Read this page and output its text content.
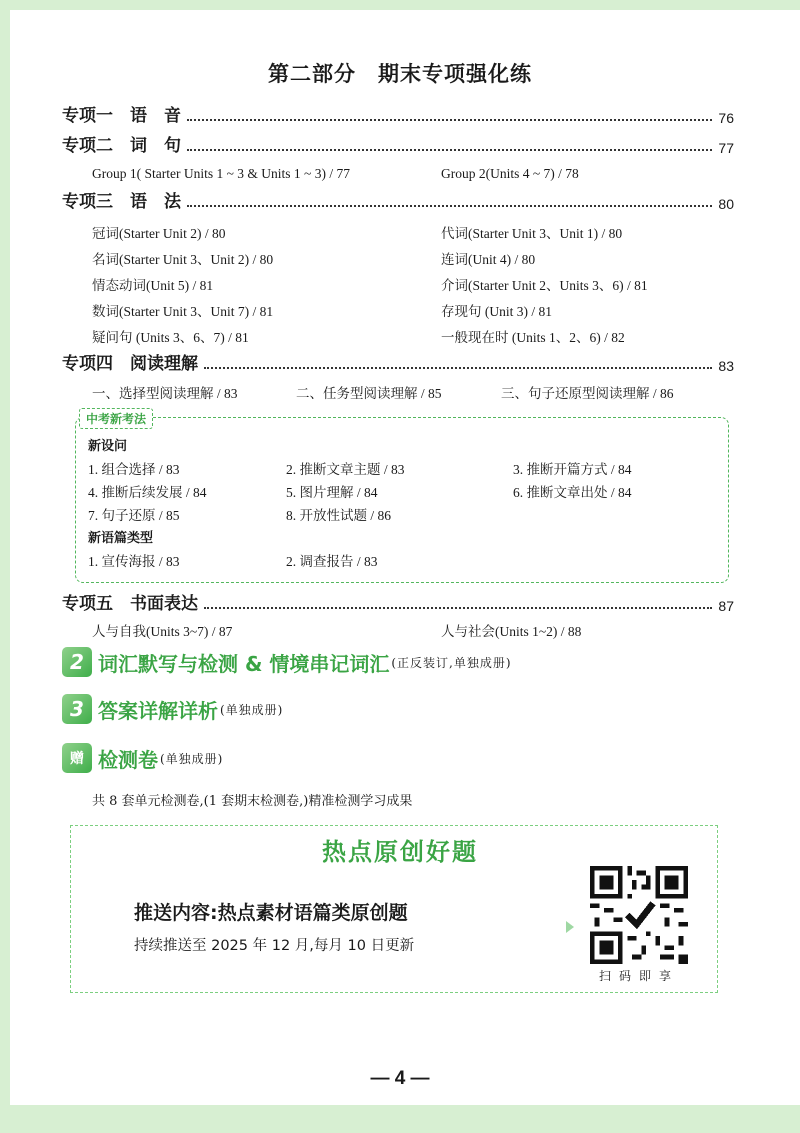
第二部分　期末专项强化练
专项一　语　音	76
专项二　词　句	77
Group 1( Starter Units 1 ~ 3 & Units 1 ~ 3) / 77	Group 2(Units 4 ~ 7) / 78
专项三　语　法	80
冠词(Starter Unit 2) / 80	代词(Starter Unit 3、Unit 1) / 80
名词(Starter Unit 3、Unit 2) / 80	连词(Unit 4) / 80
情态动词(Unit 5) / 81	介词(Starter Unit 2、Units 3、6) / 81
数词(Starter Unit 3、Unit 7) / 81	存现句 (Unit 3) / 81
疑问句 (Units 3、6、7) / 81	一般现在时 (Units 1、2、6) / 82
专项四　阅读理解	83
一、选择型阅读理解 / 83	二、任务型阅读理解 / 85	三、句子还原型阅读理解 / 86
中考新考法
新设问
1. 组合选择 / 83	2. 推断文章主题 / 83	3. 推断开篇方式 / 84
4. 推断后续发展 / 84	5. 图片理解 / 84	6. 推断文章出处 / 84
7. 句子还原 / 85	8. 开放性试题 / 86
新语篇类型
1. 宣传海报 / 83	2. 调查报告 / 83
专项五　书面表达	87
人与自我(Units 3~7) / 87	人与社会(Units 1~2) / 88
2 词汇默写与检测 & 情境串记词汇 (正反装订,单独成册)
3 答案详解详析 (单独成册)
赠 检测卷 (单独成册)
共 8 套单元检测卷,(1 套期末检测卷,)精准检测学习成果
热点原创好题
推送内容:热点素材语篇类原创题
持续推送至 2025 年 12 月,每月 10 日更新
扫码即享
— 4 —
